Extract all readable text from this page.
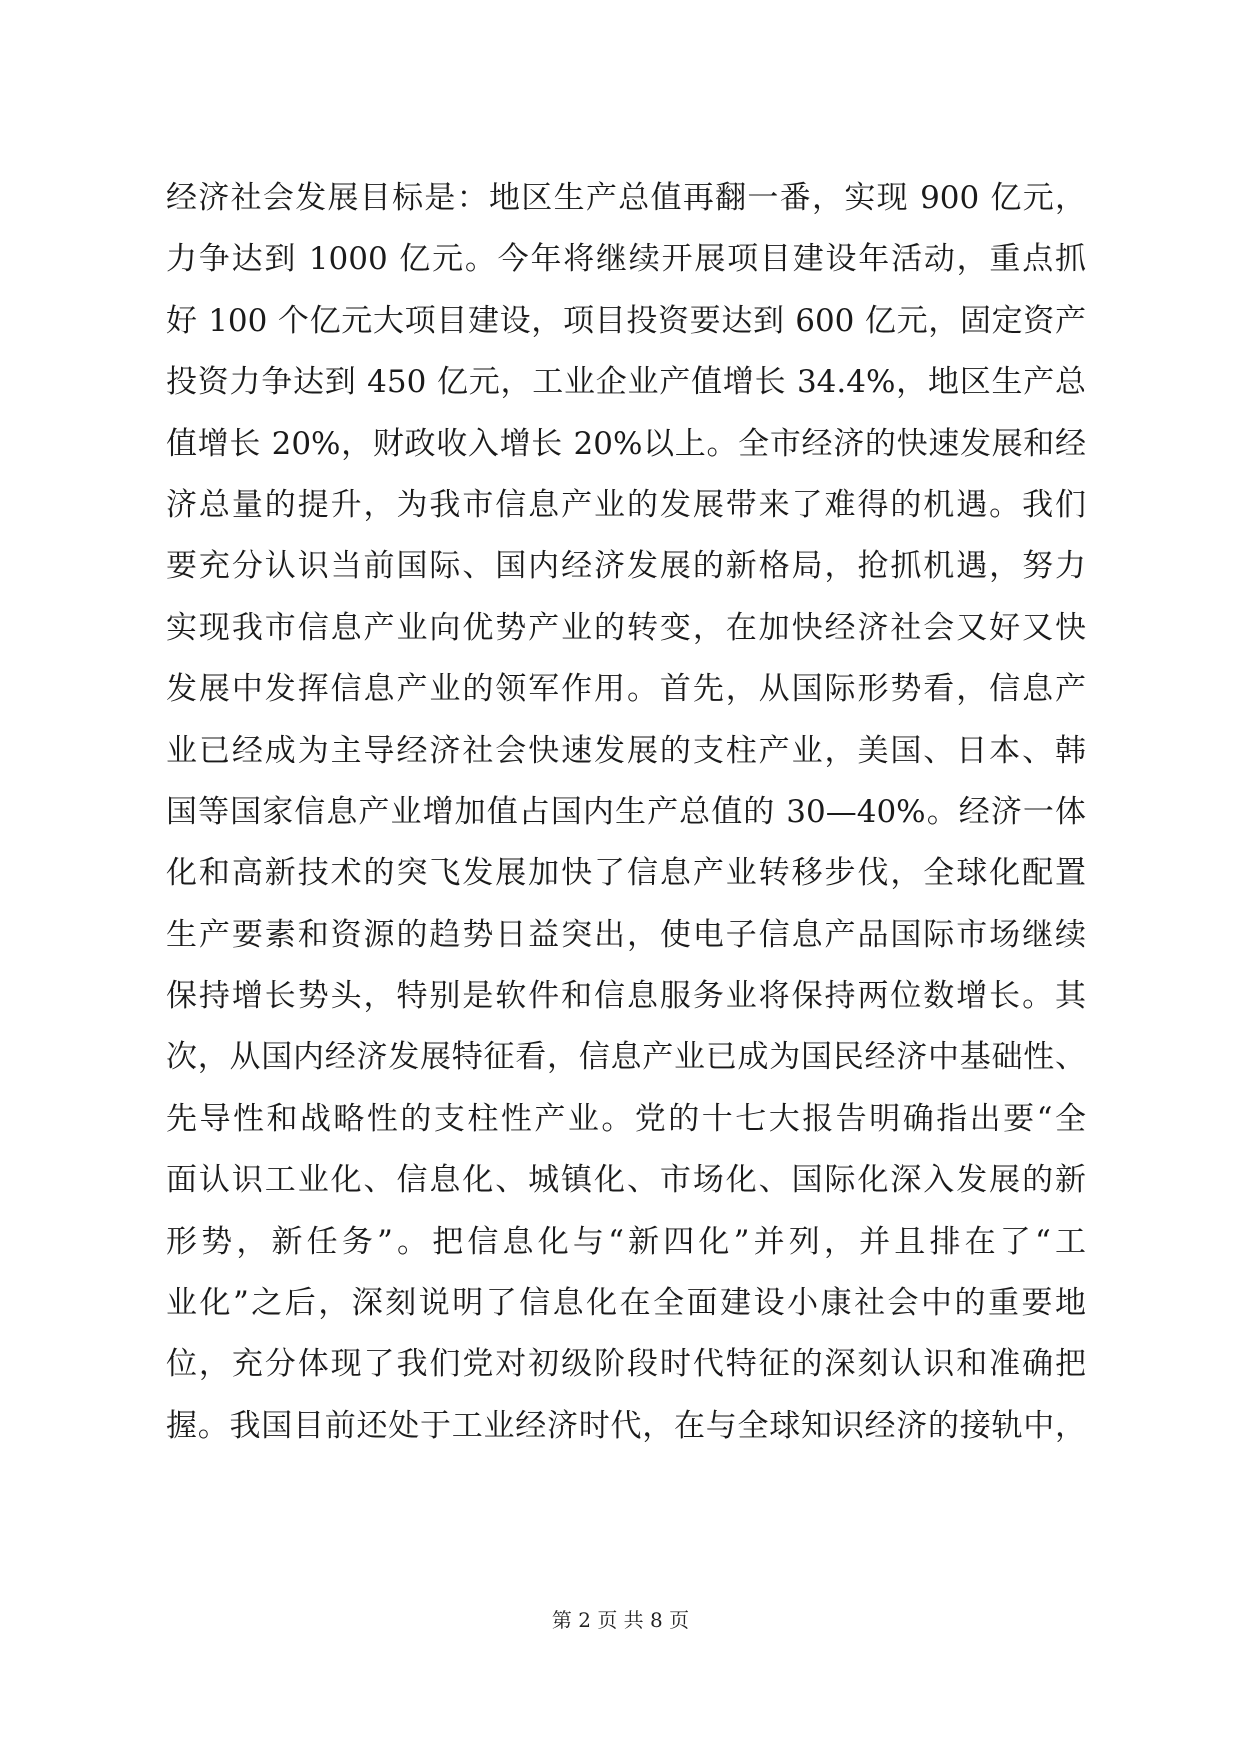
经济社会发展目标是：地区生产总值再翻一番，实现 900 亿元，
力争达到 1000 亿元。今年将继续开展项目建设年活动，重点抓
好 100 个亿元大项目建设，项目投资要达到 600 亿元，固定资产
投资力争达到 450 亿元，工业企业产值增长 34.4%，地区生产总
值增长 20%，财政收入增长 20%以上。全市经济的快速发展和经
济总量的提升，为我市信息产业的发展带来了难得的机遇。我们
要充分认识当前国际、国内经济发展的新格局，抢抓机遇，努力
实现我市信息产业向优势产业的转变，在加快经济社会又好又快
发展中发挥信息产业的领军作用。首先，从国际形势看，信息产
业已经成为主导经济社会快速发展的支柱产业，美国、日本、韩
国等国家信息产业增加值占国内生产总值的 30—40%。经济一体
化和高新技术的突飞发展加快了信息产业转移步伐，全球化配置
生产要素和资源的趋势日益突出，使电子信息产品国际市场继续
保持增长势头，特别是软件和信息服务业将保持两位数增长。其
次，从国内经济发展特征看，信息产业已成为国民经济中基础性、
先导性和战略性的支柱性产业。党的十七大报告明确指出要“全
面认识工业化、信息化、城镇化、市场化、国际化深入发展的新
形势，新任务”。把信息化与“新四化”并列，并且排在了“工
业化”之后，深刻说明了信息化在全面建设小康社会中的重要地
位，充分体现了我们党对初级阶段时代特征的深刻认识和准确把
握。我国目前还处于工业经济时代，在与全球知识经济的接轨中，
第 2 页 共 8 页
